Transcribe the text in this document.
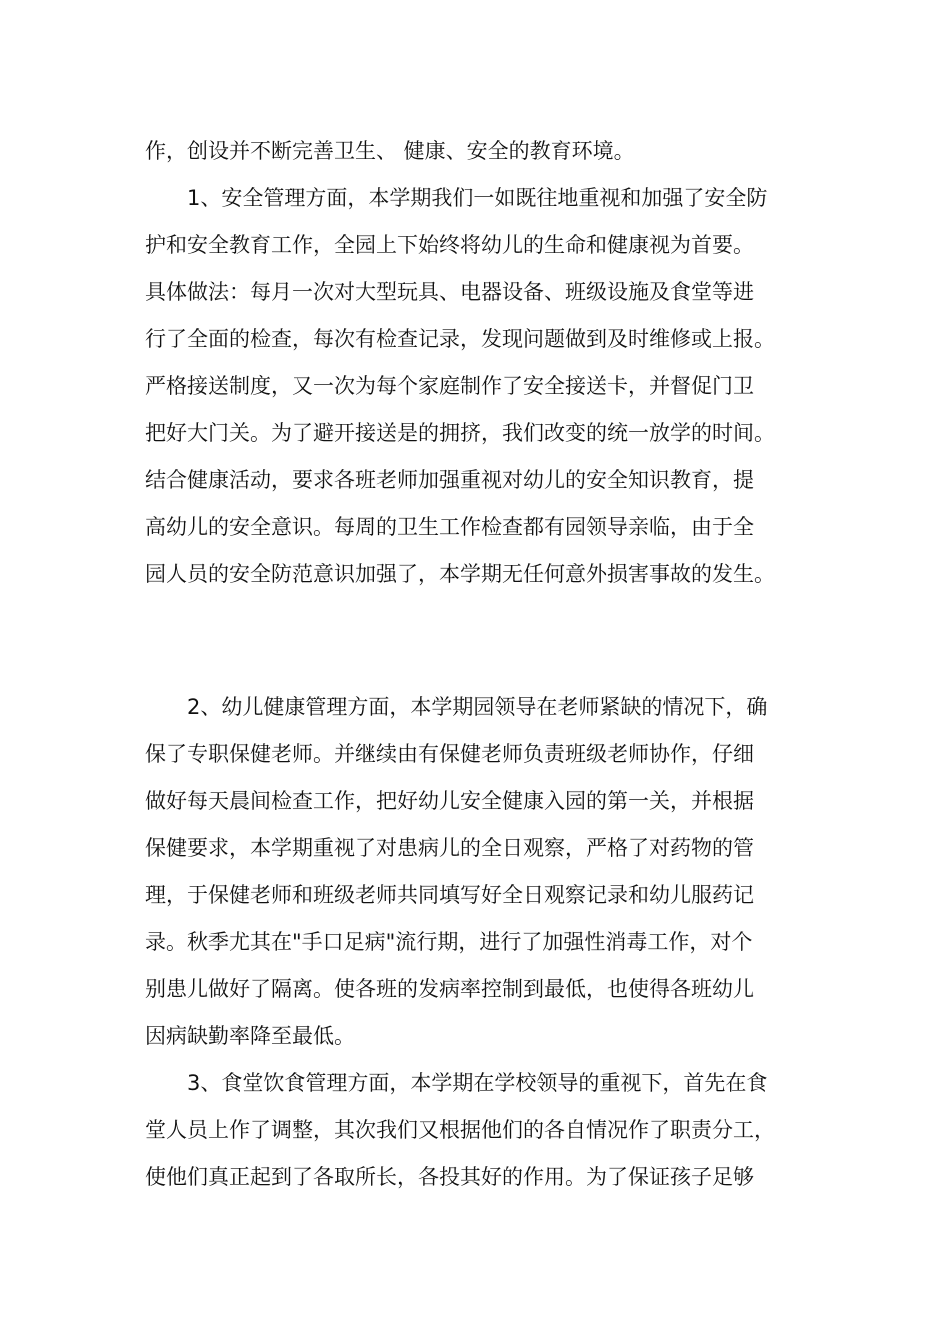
作，创设并不断完善卫生、 健康、安全的教育环境。
1、安全管理方面，本学期我们一如既往地重视和加强了安全防
护和安全教育工作，全园上下始终将幼儿的生命和健康视为首要。
具体做法：每月一次对大型玩具、电器设备、班级设施及食堂等进
行了全面的检查，每次有检查记录，发现问题做到及时维修或上报。
严格接送制度，又一次为每个家庭制作了安全接送卡，并督促门卫
把好大门关。为了避开接送是的拥挤，我们改变的统一放学的时间。
结合健康活动，要求各班老师加强重视对幼儿的安全知识教育，提
高幼儿的安全意识。每周的卫生工作检查都有园领导亲临，由于全
园人员的安全防范意识加强了，本学期无任何意外损害事故的发生。
2、幼儿健康管理方面，本学期园领导在老师紧缺的情况下，确
保了专职保健老师。并继续由有保健老师负责班级老师协作，仔细
做好每天晨间检查工作，把好幼儿安全健康入园的第一关，并根据
保健要求，本学期重视了对患病儿的全日观察，严格了对药物的管
理，于保健老师和班级老师共同填写好全日观察记录和幼儿服药记
录。秋季尤其在"手口足病"流行期，进行了加强性消毒工作，对个
别患儿做好了隔离。使各班的发病率控制到最低，也使得各班幼儿
因病缺勤率降至最低。
3、食堂饮食管理方面，本学期在学校领导的重视下，首先在食
堂人员上作了调整，其次我们又根据他们的各自情况作了职责分工，
使他们真正起到了各取所长，各投其好的作用。为了保证孩子足够
